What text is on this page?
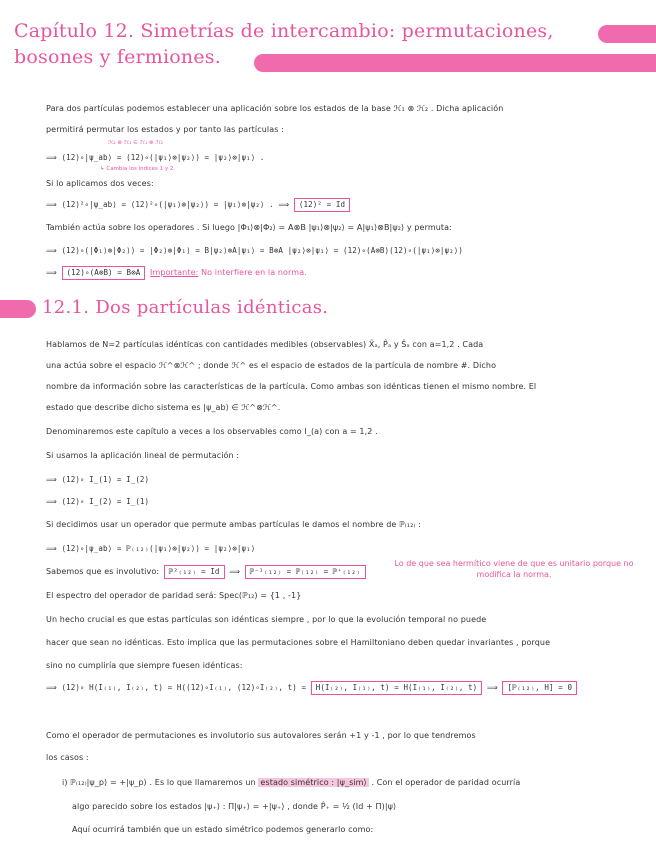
Capítulo 12. Simetrías de intercambio: permutaciones, bosones y fermiones.
Para dos partículas podemos establecer una aplicación sobre los estados de la base ℋ₁ ⊗ ℋ₂ . Dicha aplicación
permitirá permutar los estados y por tanto las partículas :
ℋ₂ ⊗ ℋ₁ ∈ ℋ₁ ⊗ ℋ₂
↳ Cambia los índices 1 y 2.
⟹ (12)∘|ψ_ab⟩ = (12)∘(|ψ₁⟩⊗|ψ₂⟩) = |ψ₂⟩⊗|ψ₁⟩ .
Si lo aplicamos dos veces:
⟹ (12)²∘|ψ_ab⟩ = (12)²∘(|ψ₁⟩⊗|ψ₂⟩) = |ψ₁⟩⊗|ψ₂⟩ . ⟹ (12)² = Id
También actúa sobre los operadores . Si luego |Φ₁⟩⊗|Φ₂⟩ = A⊗B |ψ₁⟩⊗|ψ₂⟩ = A|ψ₁⟩⊗B|ψ₂⟩ y permuta:
⟹ (12)∘(|Φ₁⟩⊗|Φ₂⟩) = |Φ₂⟩⊗|Φ₁⟩ = B|ψ₂⟩⊗A|ψ₁⟩ = B⊗A |ψ₂⟩⊗|ψ₁⟩ = (12)∘(A⊗B)(12)∘(|ψ₁⟩⊗|ψ₂⟩)
⟹ (12)∘(A⊗B) = B⊗A Importante: No interfiere en la norma.
12.1. Dos partículas idénticas.
Hablamos de N=2 partículas idénticas con cantidades medibles (observables) X̂ₐ, P̂ₐ y Ŝₐ con a=1,2 . Cada
una actúa sobre el espacio ℋ^⊗ℋ^ ; donde ℋ^ es el espacio de estados de la partícula de nombre #. Dicho
nombre da información sobre las características de la partícula. Como ambas son idénticas tienen el mismo nombre. El
estado que describe dicho sistema es |ψ_ab⟩ ∈ ℋ^⊗ℋ^.
Denominaremos este capítulo a veces a los observables como I_(a) con a = 1,2 .
Si usamos la aplicación lineal de permutación :
⟹ (12)∘ I_(1) = I_(2)
⟹ (12)∘ I_(2) = I_(1)
Si decidimos usar un operador que permute ambas partículas le damos el nombre de ℙ₍₁₂₎ :
⟹ (12)∘|ψ_ab⟩ = ℙ₍₁₂₎(|ψ₁⟩⊗|ψ₂⟩) = |ψ₂⟩⊗|ψ₁⟩
Sabemos que es involutivo: ℙ²₍₁₂₎ = Id ⟹ ℙ⁻¹₍₁₂₎ = ℙ₍₁₂₎ = ℙ⁺₍₁₂₎
Lo de que sea hermítico viene de que es unitario porque no modifica la norma.
El espectro del operador de paridad será: Spec(ℙ₁₂) = {1 , -1}
Un hecho crucial es que estas partículas son idénticas siempre , por lo que la evolución temporal no puede
hacer que sean no idénticas. Esto implica que las permutaciones sobre el Hamiltoniano deben quedar invariantes , porque
sino no cumpliría que siempre fuesen idénticas:
⟹ (12)∘ H(I₍₁₎, I₍₂₎, t) = H((12)∘I₍₁₎, (12)∘I₍₂₎, t) = H(I₍₂₎, I₍₁₎, t) = H(I₍₁₎, I₍₂₎, t) ⟹ [ℙ₍₁₂₎, H] = 0
Como el operador de permutaciones es involutorio sus autovalores serán +1 y -1 , por lo que tendremos
los casos :
i) ℙ₍₁₂₎|ψ_p⟩ = +|ψ_p⟩ . Es lo que llamaremos un estado simétrico : |ψ_sim⟩ . Con el operador de paridad ocurría
algo parecido sobre los estados |ψ₊⟩ : Π|ψ₊⟩ = +|ψ₊⟩ , donde P̂₊ = ½ (Id + Π)|ψ⟩
Aquí ocurrirá también que un estado simétrico podemos generarlo como:
